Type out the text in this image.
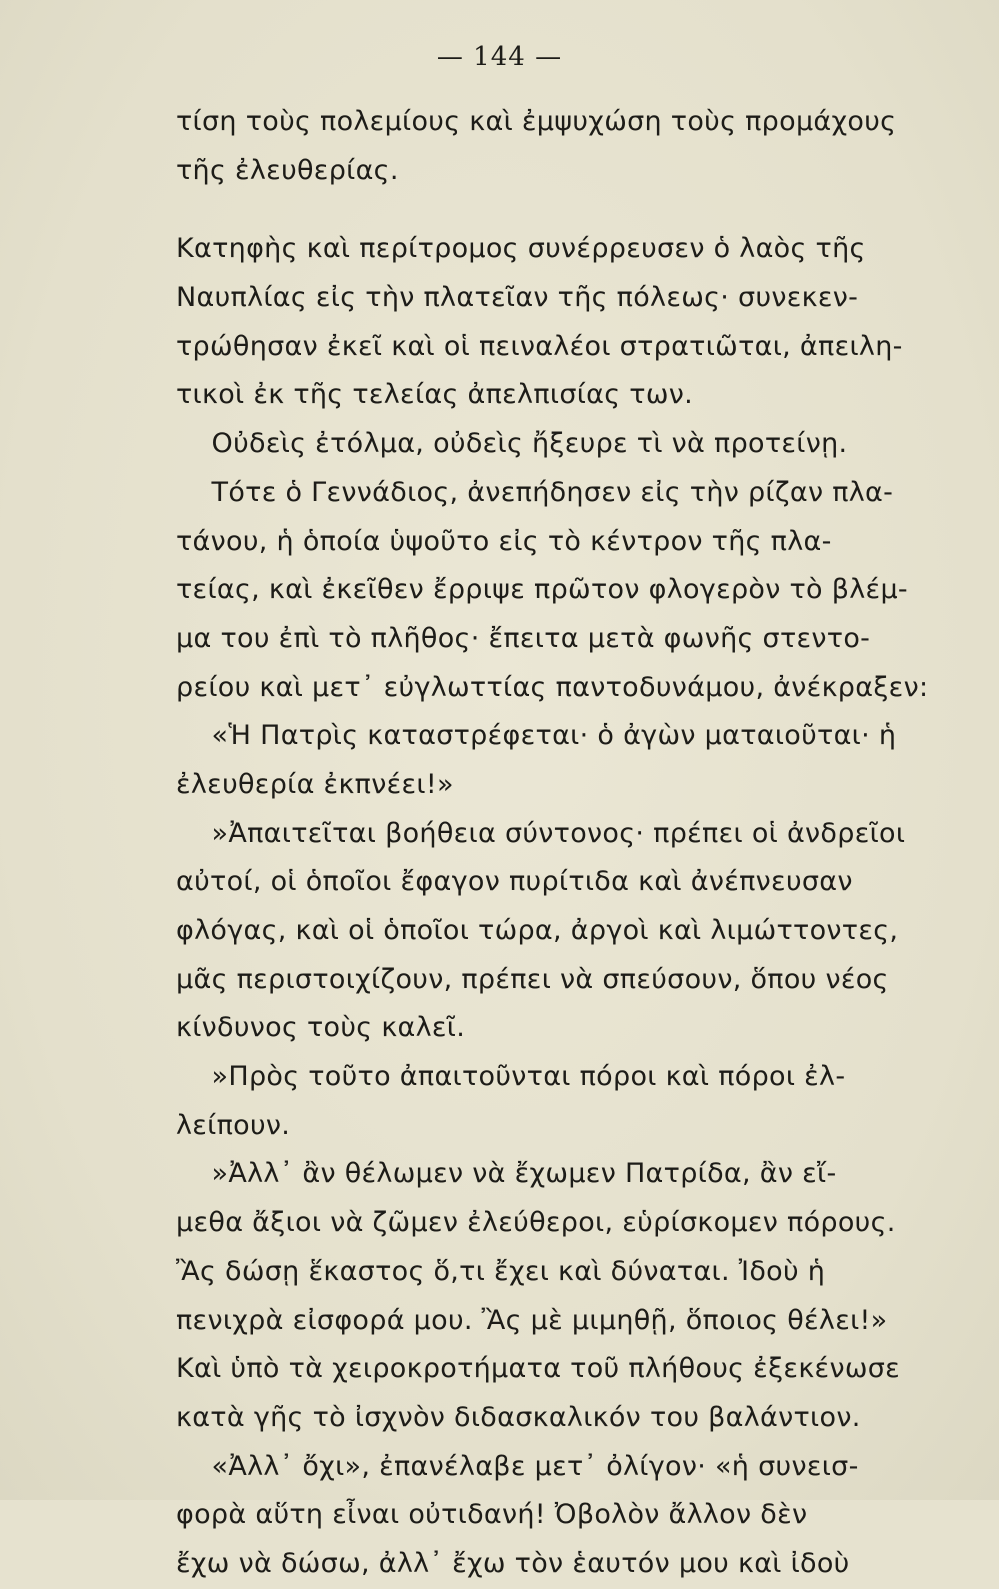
— 144 —
τίση τοὺς πολεμίους καὶ ἐμψυχώση τοὺς προμάχους
τῆς ἐλευθερίας.
Κατηφὴς καὶ περίτρομος συνέρρευσεν ὁ λαὸς τῆς
Ναυπλίας εἰς τὴν πλατεῖαν τῆς πόλεως· συνεκεν-
τρώθησαν ἐκεῖ καὶ οἱ πειναλέοι στρατιῶται, ἀπειλη-
τικοὶ ἐκ τῆς τελείας ἀπελπισίας των.
Οὐδεὶς ἐτόλμα, οὐδεὶς ἤξευρε τὶ νὰ προτείνῃ.
Τότε ὁ Γεννάδιος, ἀνεπήδησεν εἰς τὴν ρίζαν πλα-
τάνου, ἡ ὁποία ὑψοῦτο εἰς τὸ κέντρον τῆς πλα-
τείας, καὶ ἐκεῖθεν ἔρριψε πρῶτον φλογερὸν τὸ βλέμ-
μα του ἐπὶ τὸ πλῆθος· ἔπειτα μετὰ φωνῆς στεντο-
ρείου καὶ μετ᾽ εὐγλωττίας παντοδυνάμου, ἀνέκραξεν:
«Ἡ Πατρὶς καταστρέφεται· ὁ ἀγὼν ματαιοῦται· ἡ
ἐλευθερία ἐκπνέει!»
»Ἀπαιτεῖται βοήθεια σύντονος· πρέπει οἱ ἀνδρεῖοι
αὐτοί, οἱ ὁποῖοι ἔφαγον πυρίτιδα καὶ ἀνέπνευσαν
φλόγας, καὶ οἱ ὁποῖοι τώρα, ἀργοὶ καὶ λιμώττοντες,
μᾶς περιστοιχίζουν, πρέπει νὰ σπεύσουν, ὅπου νέος
κίνδυνος τοὺς καλεῖ.
»Πρὸς τοῦτο ἀπαιτοῦνται πόροι καὶ πόροι ἐλ-
λείπουν.
»Ἀλλ᾽ ἂν θέλωμεν νὰ ἔχωμεν Πατρίδα, ἂν εἴ-
μεθα ἄξιοι νὰ ζῶμεν ἐλεύθεροι, εὑρίσκομεν πόρους.
Ἂς δώσῃ ἕκαστος ὅ,τι ἔχει καὶ δύναται. Ἰδοὺ ἡ
πενιχρὰ εἰσφορά μου. Ἂς μὲ μιμηθῇ, ὅποιος θέλει!»
Καὶ ὑπὸ τὰ χειροκροτήματα τοῦ πλήθους ἐξεκένωσε
κατὰ γῆς τὸ ἰσχνὸν διδασκαλικόν του βαλάντιον.
«Ἀλλ᾽ ὄχι», ἐπανέλαβε μετ᾽ ὀλίγον· «ἡ συνεισ-
φορὰ αὕτη εἶναι οὐτιδανή! Ὀβολὸν ἄλλον δὲν
ἔχω νὰ δώσω, ἀλλ᾽ ἔχω τὸν ἑαυτόν μου καὶ ἰδοὺ
